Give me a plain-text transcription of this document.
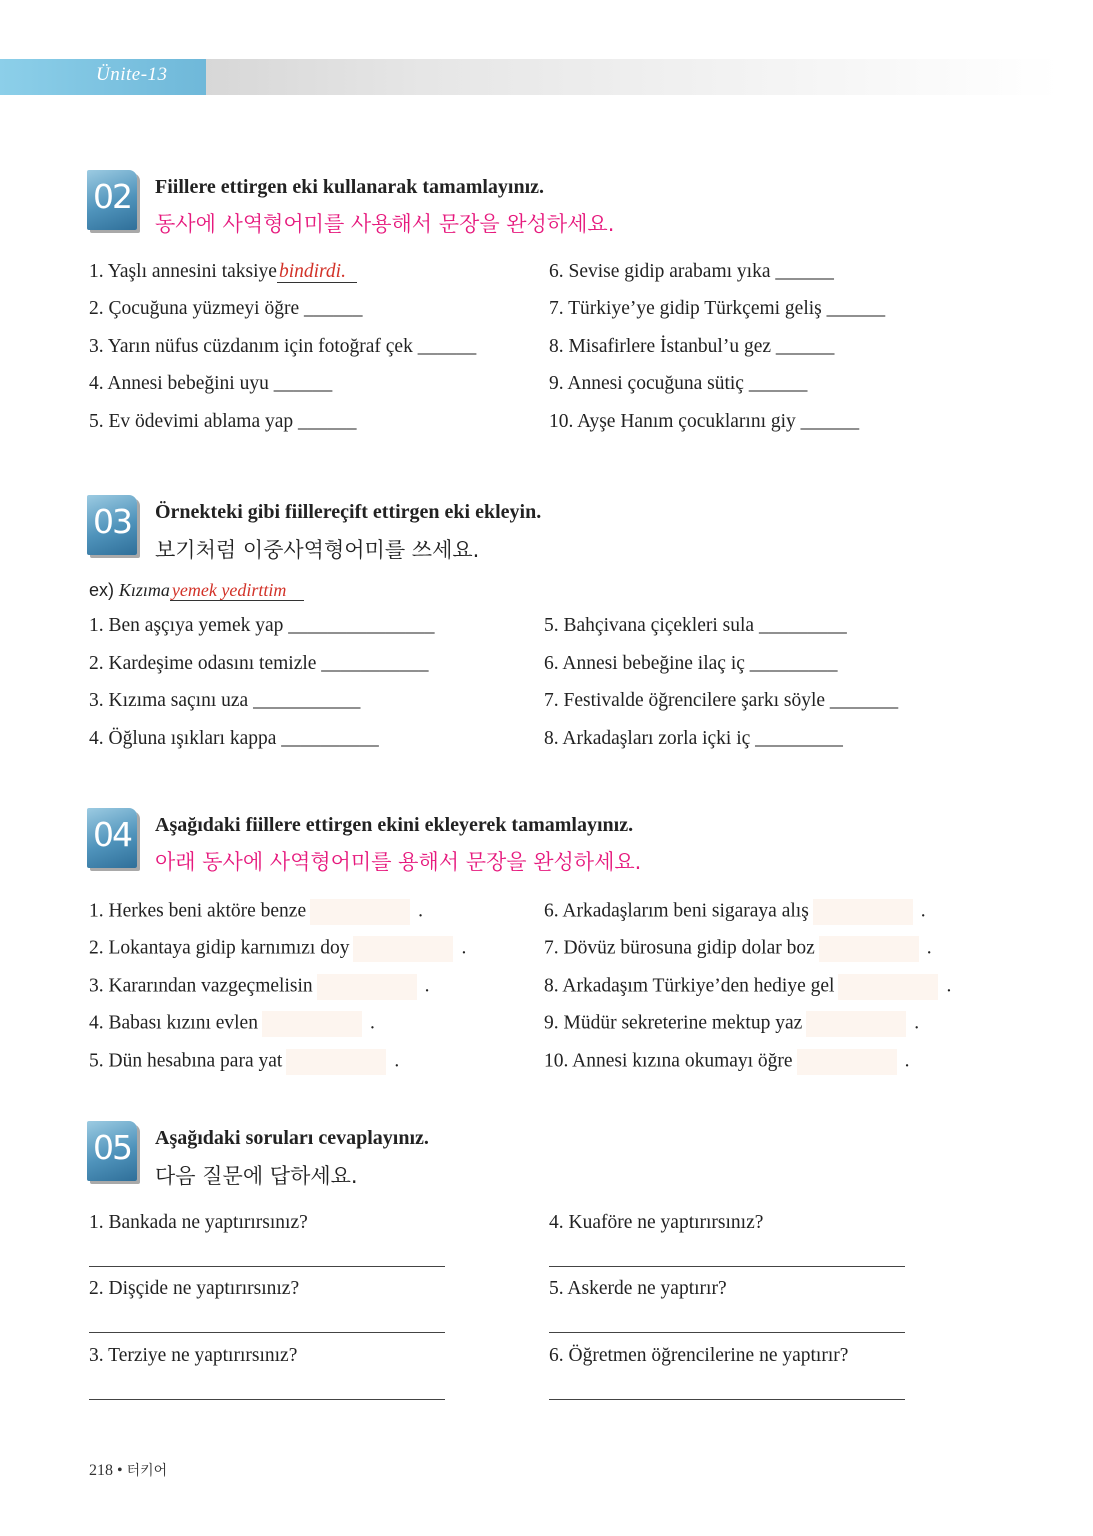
Ünite-13
02	Fiillere ettirgen eki kullanarak tamamlayınız.
동사에 사역형어미를 사용해서 문장을 완성하세요.
1. Yaşlı annesini taksiye bindirdi.
2. Çocuğuna yüzmeyi öğre ______
3. Yarın nüfus cüzdanım için fotoğraf çek ______
4. Annesi bebeğini uyu ______
5. Ev ödevimi ablama yap ______
6. Sevise gidip arabamı yıka ______
7. Türkiye’ye gidip Türkçemi geliş ______
8. Misafirlere İstanbul’u gez ______
9. Annesi çocuğuna sütiç ______
10. Ayşe Hanım çocuklarını giy ______
03	Örnekteki gibi fiillereçift ettirgen eki ekleyin.
보기처럼 이중사역형어미를 쓰세요.
ex) Kızıma yemek yedirttim
1. Ben aşçıya yemek yap _______________
2. Kardeşime odasını temizle ___________
3. Kızıma saçını uza ___________
4. Öğluna ışıkları kappa __________
5. Bahçivana çiçekleri sula _________
6. Annesi bebeğine ilaç iç _________
7. Festivalde öğrencilere şarkı söyle _______
8. Arkadaşları zorla içki iç _________
04	Aşağıdaki fiillere ettirgen ekini ekleyerek tamamlayınız.
아래 동사에 사역형어미를 용해서 문장을 완성하세요.
1. Herkes beni aktöre benze	.
2. Lokantaya gidip karnımızı doy	.
3. Kararından vazgeçmelisin	.
4. Babası kızını evlen	.
5. Dün hesabına para yat	.
6. Arkadaşlarım beni sigaraya alış	.
7. Dövüz bürosuna gidip dolar boz	.
8. Arkadaşım Türkiye’den hediye gel	.
9. Müdür sekreterine mektup yaz	.
10. Annesi kızına okumayı öğre	.
05	Aşağıdaki soruları cevaplayınız.
다음 질문에 답하세요.
1. Bankada ne yaptırırsınız?
2. Dişçide ne yaptırırsınız?
3. Terziye ne yaptırırsınız?
4. Kuaföre ne yaptırırsınız?
5. Askerde ne yaptırır?
6. Öğretmen öğrencilerine ne yaptırır?
218 • 터키어
